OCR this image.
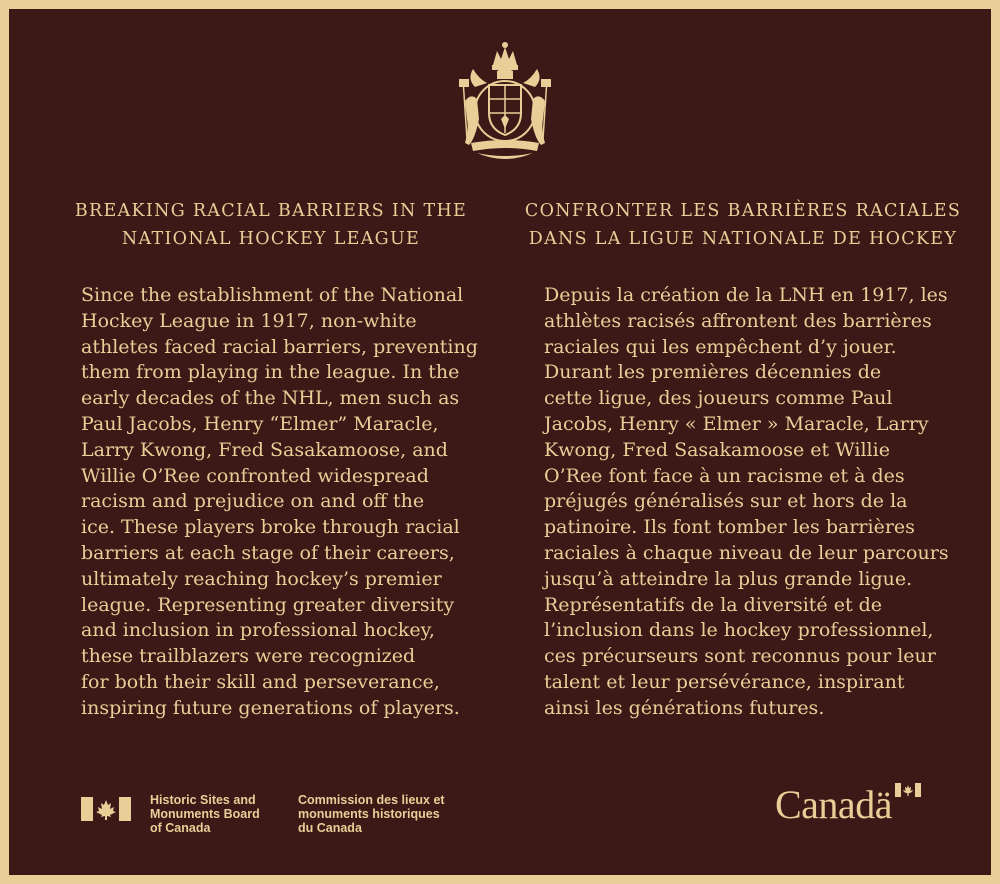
BREAKING RACIAL BARRIERS IN THE
NATIONAL HOCKEY LEAGUE
CONFRONTER LES BARRIÈRES RACIALES
DANS LA LIGUE NATIONALE DE HOCKEY
Since the establishment of the National
Hockey League in 1917, non-white
athletes faced racial barriers, preventing
them from playing in the league. In the
early decades of the NHL, men such as
Paul Jacobs, Henry “Elmer” Maracle,
Larry Kwong, Fred Sasakamoose, and
Willie O’Ree confronted widespread
racism and prejudice on and off the
ice. These players broke through racial
barriers at each stage of their careers,
ultimately reaching hockey’s premier
league. Representing greater diversity
and inclusion in professional hockey,
these trailblazers were recognized
for both their skill and perseverance,
inspiring future generations of players.
Depuis la création de la LNH en 1917, les
athlètes racisés affrontent des barrières
raciales qui les empêchent d’y jouer.
Durant les premières décennies de
cette ligue, des joueurs comme Paul
Jacobs, Henry « Elmer » Maracle, Larry
Kwong, Fred Sasakamoose et Willie
O’Ree font face à un racisme et à des
préjugés généralisés sur et hors de la
patinoire. Ils font tomber les barrières
raciales à chaque niveau de leur parcours
jusqu’à atteindre la plus grande ligue.
Représentatifs de la diversité et de
l’inclusion dans le hockey professionnel,
ces précurseurs sont reconnus pour leur
talent et leur persévérance, inspirant
ainsi les générations futures.
Historic Sites and
Monuments Board
of Canada
Commission des lieux et
monuments historiques
du Canada
Canadä
